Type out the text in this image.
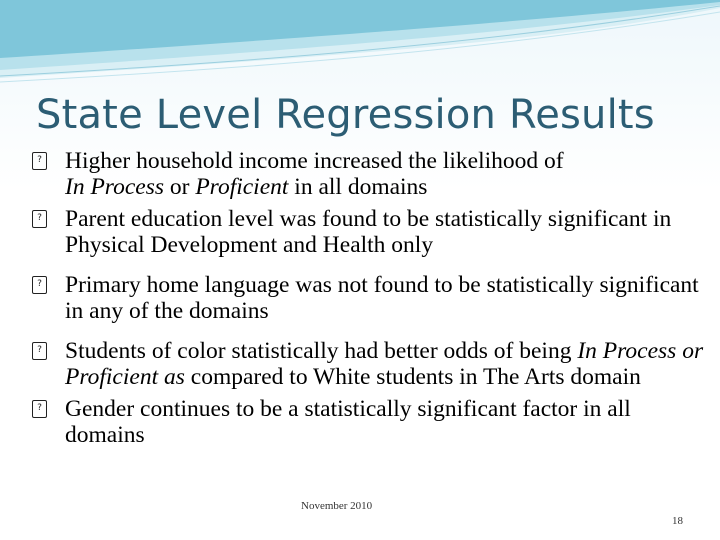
State Level Regression Results
?
Higher household income increased the likelihood of
In Process or Proficient in all domains
?
Parent education level was found to be statistically significant in Physical Development and Health only
?
Primary home language was not found to be statistically significant in any of the domains
?
Students of color statistically had better odds of being In Process or Proficient as compared to White students in The Arts domain
?
Gender continues to be a statistically significant factor in all domains
November 2010
18
